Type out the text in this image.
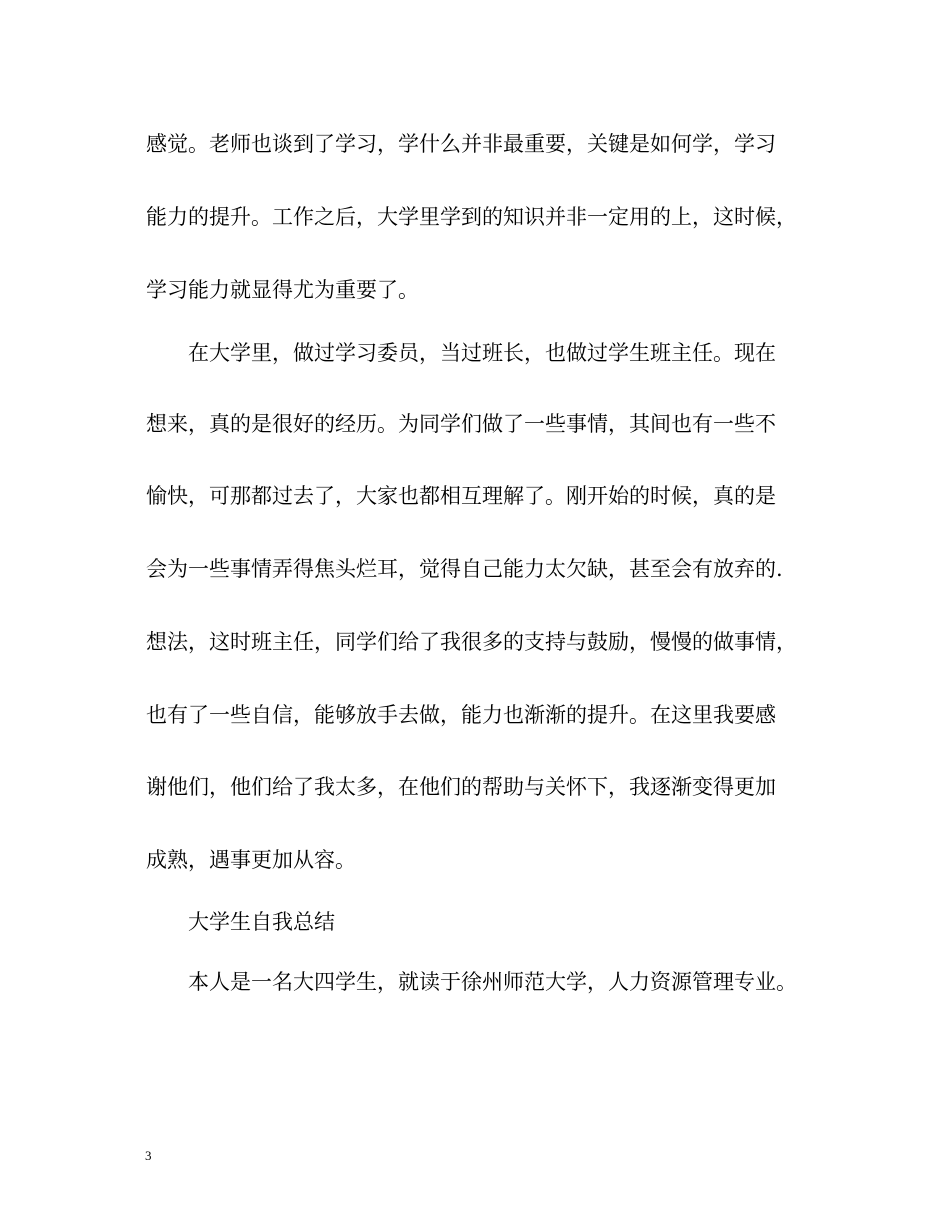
感觉。老师也谈到了学习，学什么并非最重要，关键是如何学，学习
能力的提升。工作之后，大学里学到的知识并非一定用的上，这时候，
学习能力就显得尤为重要了。
在大学里，做过学习委员，当过班长，也做过学生班主任。现在
想来，真的是很好的经历。为同学们做了一些事情，其间也有一些不
愉快，可那都过去了，大家也都相互理解了。刚开始的时候，真的是
会为一些事情弄得焦头烂耳，觉得自己能力太欠缺，甚至会有放弃的.
想法，这时班主任，同学们给了我很多的支持与鼓励，慢慢的做事情，
也有了一些自信，能够放手去做，能力也渐渐的提升。在这里我要感
谢他们，他们给了我太多，在他们的帮助与关怀下，我逐渐变得更加
成熟，遇事更加从容。
大学生自我总结
本人是一名大四学生，就读于徐州师范大学，人力资源管理专业。
3
